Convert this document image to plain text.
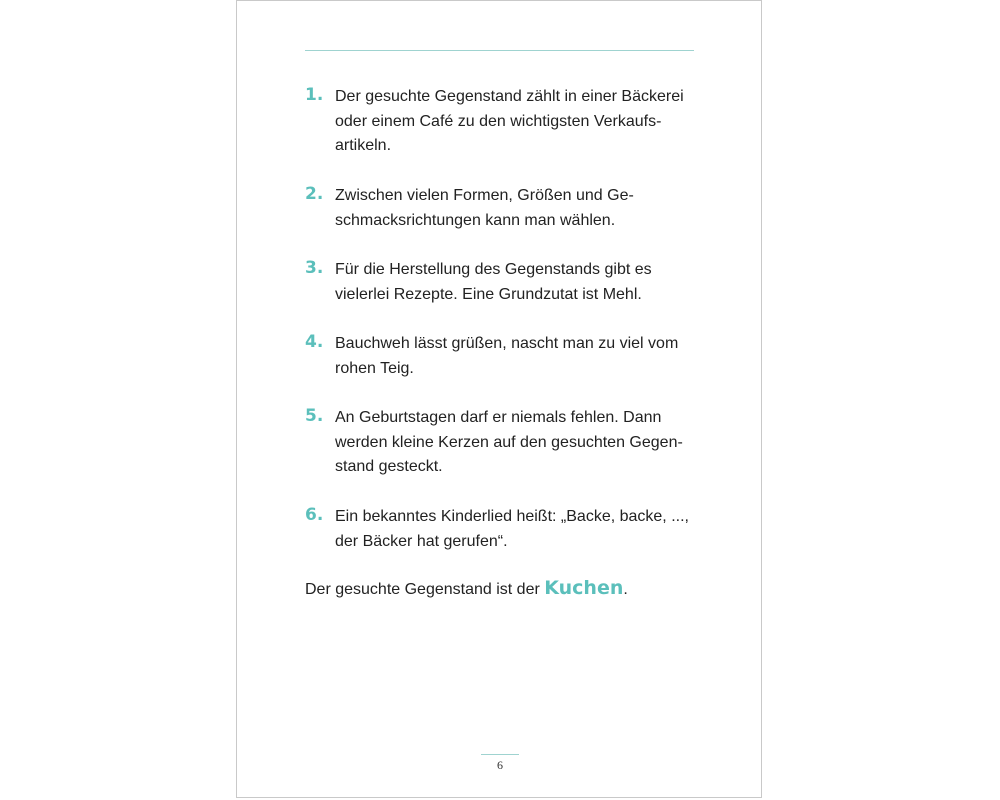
1. Der gesuchte Gegenstand zählt in einer Bäckerei
oder einem Café zu den wichtigsten Verkaufs-
artikeln.
2. Zwischen vielen Formen, Größen und Ge-
schmacksrichtungen kann man wählen.
3. Für die Herstellung des Gegenstands gibt es
vielerlei Rezepte. Eine Grundzutat ist Mehl.
4. Bauchweh lässt grüßen, nascht man zu viel vom
rohen Teig.
5. An Geburtstagen darf er niemals fehlen. Dann
werden kleine Kerzen auf den gesuchten Gegen-
stand gesteckt.
6. Ein bekanntes Kinderlied heißt: „Backe, backe, ...,
der Bäcker hat gerufen“.

Der gesuchte Gegenstand ist der Kuchen.

6
